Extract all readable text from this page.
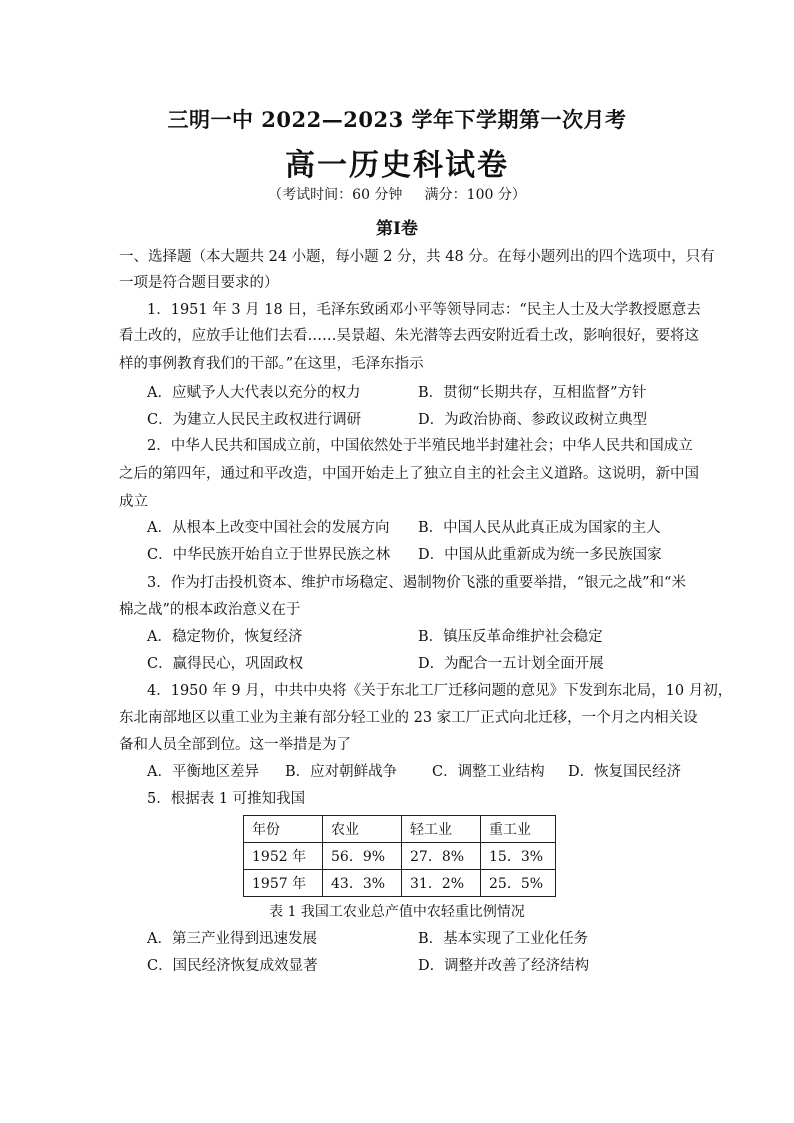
三明一中 2022—2023 学年下学期第一次月考
高一历史科试卷
（考试时间：60 分钟     满分：100 分）
第Ⅰ卷
一、选择题（本大题共 24 小题，每小题 2 分，共 48 分。在每小题列出的四个选项中，只有
一项是符合题目要求的）
1．1951 年 3 月 18 日，毛泽东致函邓小平等领导同志：“民主人士及大学教授愿意去
看土改的，应放手让他们去看……吴景超、朱光潜等去西安附近看土改，影响很好，要将这
样的事例教育我们的干部。”在这里，毛泽东指示
A．应赋予人大代表以充分的权力	B．贯彻“长期共存，互相监督”方针
C．为建立人民民主政权进行调研	D．为政治协商、参政议政树立典型
2．中华人民共和国成立前，中国依然处于半殖民地半封建社会；中华人民共和国成立
之后的第四年，通过和平改造，中国开始走上了独立自主的社会主义道路。这说明，新中国
成立
A．从根本上改变中国社会的发展方向 B．中国人民从此真正成为国家的主人
C．中华民族开始自立于世界民族之林 D．中国从此重新成为统一多民族国家
3．作为打击投机资本、维护市场稳定、遏制物价飞涨的重要举措，“银元之战”和“米
棉之战”的根本政治意义在于
A．稳定物价，恢复经济	B．镇压反革命维护社会稳定
C．赢得民心，巩固政权	D．为配合一五计划全面开展
4．1950 年 9 月，中共中央将《关于东北工厂迁移问题的意见》下发到东北局，10 月初，
东北南部地区以重工业为主兼有部分轻工业的 23 家工厂正式向北迁移，一个月之内相关设
备和人员全部到位。这一举措是为了
A．平衡地区差异 B．应对朝鲜战争 C．调整工业结构 D．恢复国民经济
5．根据表 1 可推知我国
年份	农业	轻工业	重工业
1952 年	56．9%	27．8%	15．3%
1957 年	43．3%	31．2%	25．5%
表 1 我国工农业总产值中农轻重比例情况
A．第三产业得到迅速发展	B．基本实现了工业化任务
C．国民经济恢复成效显著	D．调整并改善了经济结构
